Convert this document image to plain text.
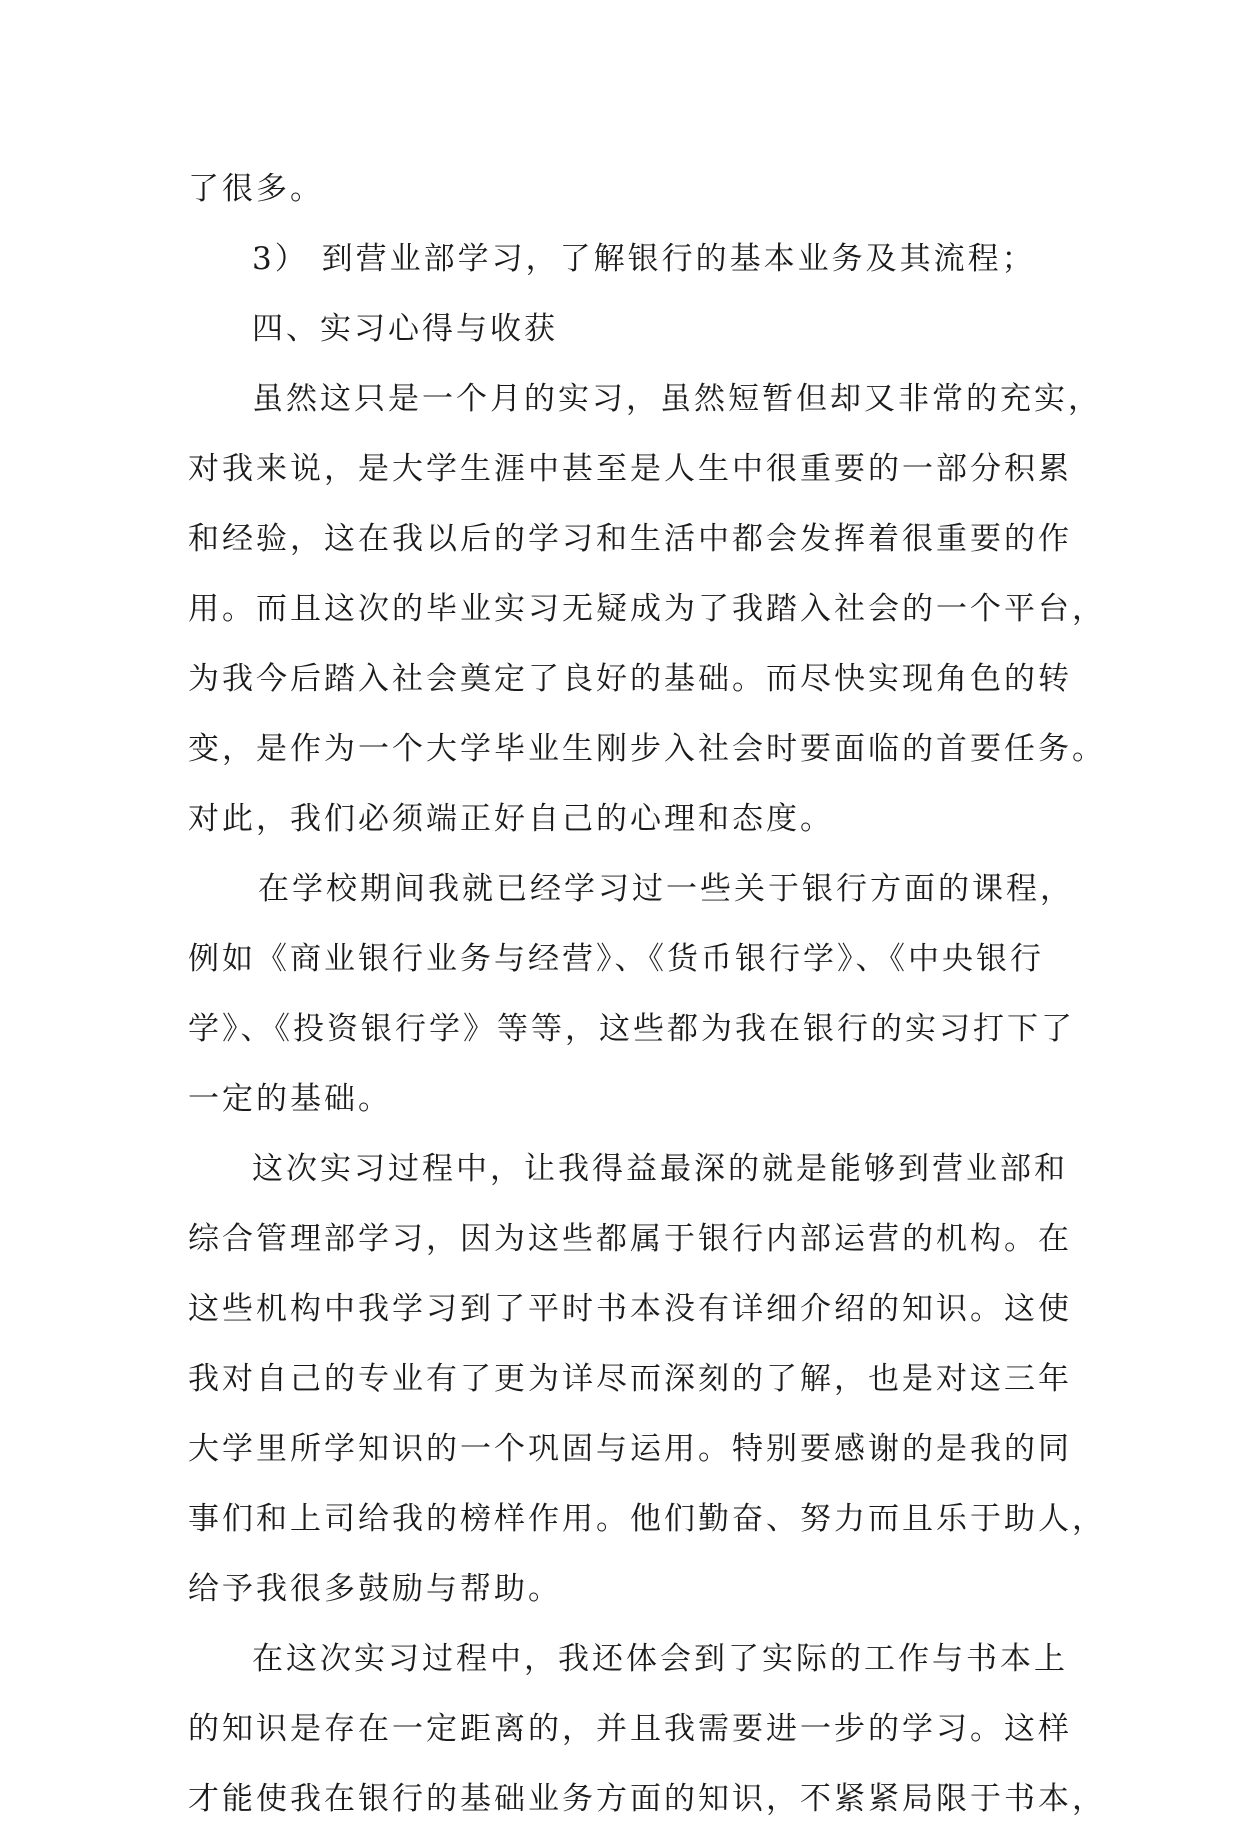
了很多。
3） 到营业部学习，了解银行的基本业务及其流程；
四、实习心得与收获
虽然这只是一个月的实习，虽然短暂但却又非常的充实，
对我来说，是大学生涯中甚至是人生中很重要的一部分积累
和经验，这在我以后的学习和生活中都会发挥着很重要的作
用。而且这次的毕业实习无疑成为了我踏入社会的一个平台，
为我今后踏入社会奠定了良好的基础。而尽快实现角色的转
变，是作为一个大学毕业生刚步入社会时要面临的首要任务。
对此，我们必须端正好自己的心理和态度。
在学校期间我就已经学习过一些关于银行方面的课程，
例如《商业银行业务与经营》、《货币银行学》、《中央银行
学》、《投资银行学》等等，这些都为我在银行的实习打下了
一定的基础。
这次实习过程中，让我得益最深的就是能够到营业部和
综合管理部学习，因为这些都属于银行内部运营的机构。在
这些机构中我学习到了平时书本没有详细介绍的知识。这使
我对自己的专业有了更为详尽而深刻的了解，也是对这三年
大学里所学知识的一个巩固与运用。特别要感谢的是我的同
事们和上司给我的榜样作用。他们勤奋、努力而且乐于助人，
给予我很多鼓励与帮助。
在这次实习过程中，我还体会到了实际的工作与书本上
的知识是存在一定距离的，并且我需要进一步的学习。这样
才能使我在银行的基础业务方面的知识，不紧紧局限于书本，
